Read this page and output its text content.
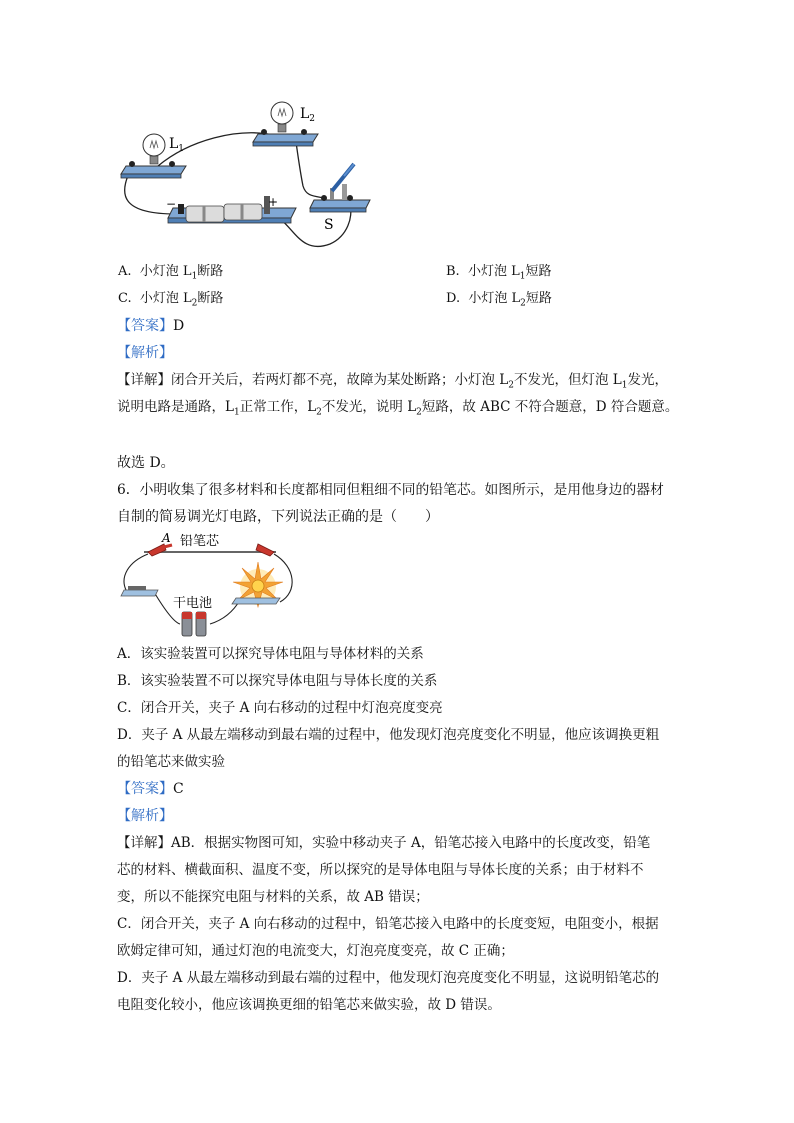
$L_1$
$L_2$
−	+
S
A. 小灯泡 $L_1$断路	B. 小灯泡 $L_1$短路
C. 小灯泡 $L_2$断路	D. 小灯泡 $L_2$短路
【答案】D
【解析】
【详解】闭合开关后，若两灯都不亮，故障为某处断路；小灯泡 $L_2$不发光，但灯泡 $L_1$发光，
说明电路是通路，$L_1$正常工作，$L_2$不发光，说明 $L_2$短路，故 ABC 不符合题意，D 符合题意。
故选 D。
6．小明收集了很多材料和长度都相同但粗细不同的铅笔芯。如图所示，是用他身边的器材
自制的简易调光灯电路，下列说法正确的是（　　）
A 铅笔芯
干电池
A．该实验装置可以探究导体电阻与导体材料的关系
B．该实验装置不可以探究导体电阻与导体长度的关系
C．闭合开关，夹子 A 向右移动的过程中灯泡亮度变亮
D．夹子 A 从最左端移动到最右端的过程中，他发现灯泡亮度变化不明显，他应该调换更粗
的铅笔芯来做实验
【答案】C
【解析】
【详解】AB．根据实物图可知，实验中移动夹子 A，铅笔芯接入电路中的长度改变，铅笔
芯的材料、横截面积、温度不变，所以探究的是导体电阻与导体长度的关系；由于材料不
变，所以不能探究电阻与材料的关系，故 AB 错误；
C．闭合开关，夹子 A 向右移动的过程中，铅笔芯接入电路中的长度变短，电阻变小，根据
欧姆定律可知，通过灯泡的电流变大，灯泡亮度变亮，故 C 正确；
D．夹子 A 从最左端移动到最右端的过程中，他发现灯泡亮度变化不明显，这说明铅笔芯的
电阻变化较小，他应该调换更细的铅笔芯来做实验，故 D 错误。
